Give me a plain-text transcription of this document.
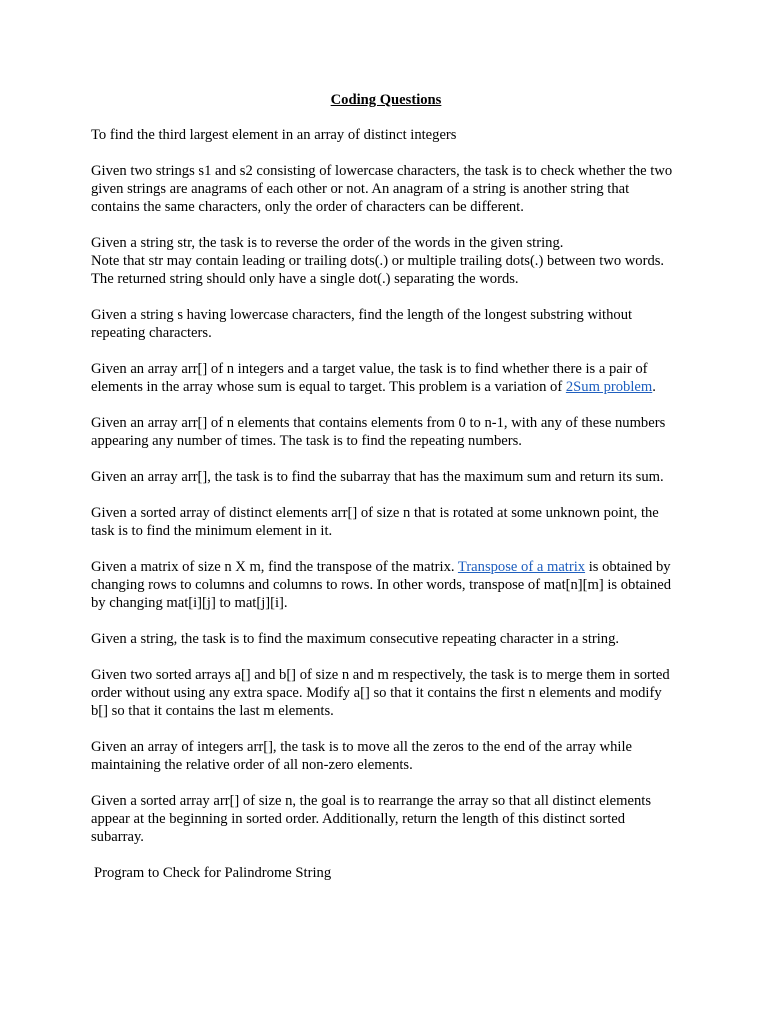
Coding Questions
To find the third largest element in an array of distinct integers
Given two strings s1 and s2 consisting of lowercase characters, the task is to check whether the two given strings are anagrams of each other or not. An anagram of a string is another string that contains the same characters, only the order of characters can be different.
Given a string str, the task is to reverse the order of the words in the given string.
Note that str may contain leading or trailing dots(.) or multiple trailing dots(.) between two words. The returned string should only have a single dot(.) separating the words.
Given a string s having lowercase characters, find the length of the longest substring without repeating characters.
Given an array arr[] of n integers and a target value, the task is to find whether there is a pair of elements in the array whose sum is equal to target. This problem is a variation of 2Sum problem.
Given an array arr[] of n elements that contains elements from 0 to n-1, with any of these numbers appearing any number of times. The task is to find the repeating numbers.
Given an array arr[], the task is to find the subarray that has the maximum sum and return its sum.
Given a sorted array of distinct elements arr[] of size n that is rotated at some unknown point, the task is to find the minimum element in it.
Given a matrix of size n X m, find the transpose of the matrix. Transpose of a matrix is obtained by changing rows to columns and columns to rows. In other words, transpose of mat[n][m] is obtained by changing mat[i][j] to mat[j][i].
Given a string, the task is to find the maximum consecutive repeating character in a string.
Given two sorted arrays a[] and b[] of size n and m respectively, the task is to merge them in sorted order without using any extra space. Modify a[] so that it contains the first n elements and modify b[] so that it contains the last m elements.
Given an array of integers arr[], the task is to move all the zeros to the end of the array while maintaining the relative order of all non-zero elements.
Given a sorted array arr[] of size n, the goal is to rearrange the array so that all distinct elements appear at the beginning in sorted order. Additionally, return the length of this distinct sorted subarray.
Program to Check for Palindrome String
